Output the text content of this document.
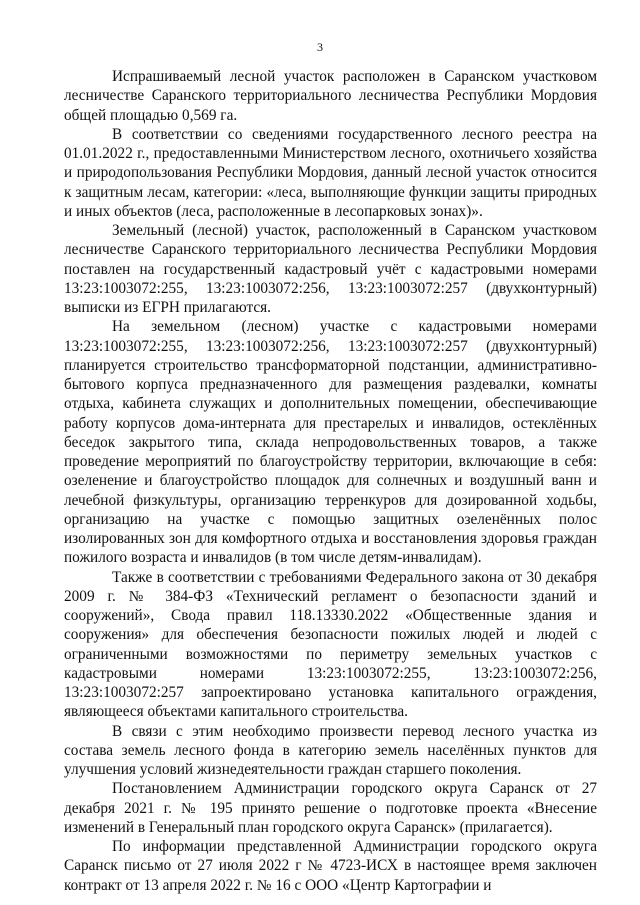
3

Испрашиваемый лесной участок расположен в Саранском участковом лесничестве Саранского территориального лесничества Республики Мордовия общей площадью 0,569 га.

В соответствии со сведениями государственного лесного реестра на 01.01.2022 г., предоставленными Министерством лесного, охотничьего хозяйства и природопользования Республики Мордовия, данный лесной участок относится к защитным лесам, категории: «леса, выполняющие функции защиты природных и иных объектов (леса, расположенные в лесопарковых зонах)».

Земельный (лесной) участок, расположенный в Саранском участковом лесничестве Саранского территориального лесничества Республики Мордовия поставлен на государственный кадастровый учёт с кадастровыми номерами 13:23:1003072:255, 13:23:1003072:256, 13:23:1003072:257 (двухконтурный) выписки из ЕГРН прилагаются.

На земельном (лесном) участке с кадастровыми номерами 13:23:1003072:255, 13:23:1003072:256, 13:23:1003072:257 (двухконтурный) планируется строительство трансформаторной подстанции, административно-бытового корпуса предназначенного для размещения раздевалки, комнаты отдыха, кабинета служащих и дополнительных помещении, обеспечивающие работу корпусов дома-интерната для престарелых и инвалидов, остеклённых беседок закрытого типа, склада непродовольственных товаров, а также проведение мероприятий по благоустройству территории, включающие в себя: озеленение и благоустройство площадок для солнечных и воздушный ванн и лечебной физкультуры, организацию терренкуров для дозированной ходьбы, организацию на участке с помощью защитных озеленённых полос изолированных зон для комфортного отдыха и восстановления здоровья граждан пожилого возраста и инвалидов (в том числе детям-инвалидам).

Также в соответствии с требованиями Федерального закона от 30 декабря 2009 г. № 384-ФЗ «Технический регламент о безопасности зданий и сооружений», Свода правил 118.13330.2022 «Общественные здания и сооружения» для обеспечения безопасности пожилых людей и людей с ограниченными возможностями по периметру земельных участков с кадастровыми номерами 13:23:1003072:255, 13:23:1003072:256, 13:23:1003072:257 запроектировано установка капитального ограждения, являющееся объектами капитального строительства.

В связи с этим необходимо произвести перевод лесного участка из состава земель лесного фонда в категорию земель населённых пунктов для улучшения условий жизнедеятельности граждан старшего поколения.

Постановлением Администрации городского округа Саранск от 27 декабря 2021 г. № 195 принято решение о подготовке проекта «Внесение изменений в Генеральный план городского округа Саранск» (прилагается).

По информации представленной Администрации городского округа Саранск письмо от 27 июля 2022 г № 4723-ИСХ в настоящее время заключен контракт от 13 апреля 2022 г. № 16 с ООО «Центр Картографии и
